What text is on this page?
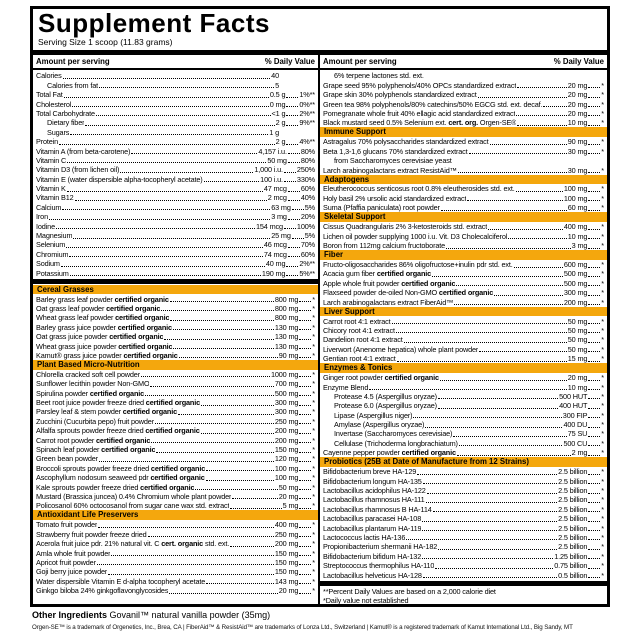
Supplement Facts
Serving Size 1 scoop (11.83 grams)
Amount per serving	% Daily Value
Calories	40
Calories from fat	5
Total Fat	0.5 g 1%**
Cholesterol	0 mg 0%**
Total Carbohydrate	<1 g 2%**
Dietary fiber	2 g 9%**
Sugars	1 g
Protein	2 g 4%**
Vitamin A (from beta-carotene)	4,157 i.u. 80%
Vitamin C	50 mg 80%
Vitamin D3 (from lichen oil)	1,000 i.u. 250%
Vitamin E (water dispersible alpha-tocopheryl acetate)	100 i.u. 330%
Vitamin K	47 mcg 60%
Vitamin B12	2 mcg 40%
Calcium	63 mg 5%
Iron	3 mg 20%
Iodine	154 mcg 100%
Magnesium	25 mg 5%
Selenium	46 mcg 70%
Chromium	74 mcg 60%
Sodium	40 mg 2%**
Potassium	190 mg 5%**
Cereal Grasses
Barley grass leaf powder certified organic	800 mg *
Oat grass leaf powder certified organic	800 mg *
Wheat grass leaf powder certified organic	800 mg *
Barley grass juice powder certified organic	130 mg *
Oat grass juice powder certified organic	130 mg *
Wheat grass juice powder certified organic	130 mg *
Kamut® grass juice powder certified organic	90 mg *
Plant Based Micro-Nutrition
Chlorella cracked soft cell powder	1000 mg *
Sunflower lecithin powder Non-GMO	700 mg *
Spirulina powder certified organic	500 mg *
Beet root juice powder freeze dried certified organic	300 mg *
Parsley leaf & stem powder certified organic	300 mg *
Zucchini (Cucurbita pepo) fruit powder	250 mg *
Alfalfa sprouts powder freeze dried certified organic	200 mg *
Carrot root powder certified organic	200 mg *
Spinach leaf powder certified organic	150 mg *
Green bean powder	120 mg *
Broccoli sprouts powder freeze dried certified organic	100 mg *
Ascophyllum nodosum seaweed pdr certified organic	100 mg *
Kale sprouts powder freeze dried certified organic	50 mg *
Mustard (Brassica juncea) 0.4% Chromium whole plant powder	20 mg *
Policosanol 60% octocosanol from sugar cane wax std. extract	5 mg *
Antioxidant Life Preservers
Tomato fruit powder	400 mg *
Strawberry fruit powder freeze dried	250 mg *
Acerola fruit juice pdr. 21% natural vit. C cert. organic std. ext.	200 mg *
Amla whole fruit powder	150 mg *
Apricot fruit powder	150 mg *
Goji berry juice powder	150 mg *
Water dispersible Vitamin E d-alpha tocopheryl acetate	143 mg *
Ginkgo biloba 24% ginkgoflavonglycosides	20 mg *
Amount per serving	% Daily Value
6% terpene lactones std. ext.
Grape seed 95% polyphenols/40% OPCs standardized extract	20 mg *
Grape skin 30% polyphenols standardized extract	20 mg *
Green tea 98% polyphenols/80% catechins/50% EGCG std. ext. decaf.	20 mg *
Pomegranate whole fruit 40% ellagic acid standardized extract	20 mg *
Black mustard seed 0.5% Selenium ext. cert. org. Orgen-SE®	10 mg *
Immune Support
Astragalus 70% polysaccharides standardized extract	90 mg *
Beta 1,3-1,6 glucans 70% standardized extract	30 mg *
from Saccharomyces cerevisiae yeast
Larch arabinogalactans extract ResistAid™	30 mg *
Adaptogens
Eleutherococcus senticosus root 0.8% eleutherosides std. ext.	100 mg *
Holy basil 2% ursolic acid standardized extract	100 mg *
Suma (Pfaffia paniculata) root powder	60 mg *
Skeletal Support
Cissus Quadrangularis 2% 3-ketosteroids std. extract	400 mg *
Lichen oil powder supplying 1000 i.u. Vit. D3 Cholecalciferol	10 mg *
Boron from 112mg calcium fructoborate	3 mg *
Fiber
Fructo-oligosaccharides 86% oligofructose+inulin pdr std. ext.	600 mg *
Acacia gum fiber certified organic	500 mg *
Apple whole fruit powder certified organic	500 mg *
Flaxseed powder de-oiled Non-GMO certified organic	300 mg *
Larch arabinogalactans extract FiberAid™	200 mg *
Liver Support
Carrot root 4:1 extract	50 mg *
Chicory root 4:1 extract	50 mg *
Dandelion root 4:1 extract	50 mg *
Liverwort (Anenome hepatica) whole plant powder	50 mg *
Gentian root 4:1 extract	15 mg *
Enzymes & Tonics
Ginger root powder certified organic	20 mg *
Enzyme Blend	10 mg *
Protease 4.5 (Aspergillus oryzae)	500 HUT *
Protease 6.0 (Aspergillus oryzae)	400 HUT *
Lipase (Aspergillus niger)	300 FIP *
Amylase (Aspergillus oryzae)	400 DU *
Invertase (Saccharomyces cerevisiae)	75 SU *
Cellulase (Trichoderma longbrachiatum)	500 CU *
Cayenne pepper powder certified organic	2 mg *
Probiotics (25B at Date of Manufacture from 12 Strains)
Bifidobacterium breve HA-129	2.5 billion *
Bifidobacterium longum HA-135	2.5 billion *
Lactobacillus acidophilus HA-122	2.5 billion *
Lactobacillus rhamnosus HA-111	2.5 billion *
Lactobacillus rhamnosus B HA-114	2.5 billion *
Lactobacillus paracasei HA-108	2.5 billion *
Lactobacillus plantarum HA-119	2.5 billion *
Lactococcus lactis HA-136	2.5 billion *
Propionibacterium shermanii HA-182	2.5 billion *
Bifidobacterium bifidum HA-132	1.25 billion *
Streptococcus thermophilus HA-110	0.75 billion *
Lactobacillus helveticus HA-128	0.5 billion *
**Percent Daily Values are based on a 2,000 calorie diet
*Daily value not established
Other Ingredients Govanil™ natural vanilla powder (35mg)
Orgen-SE™ is a trademark of Orgenetics, Inc., Brea, CA | FiberAid™ & ResistAid™ are trademarks of Lonza Ltd., Switzerland | Kamut® is a registered trademark of Kamut International Ltd., Big Sandy, MT
